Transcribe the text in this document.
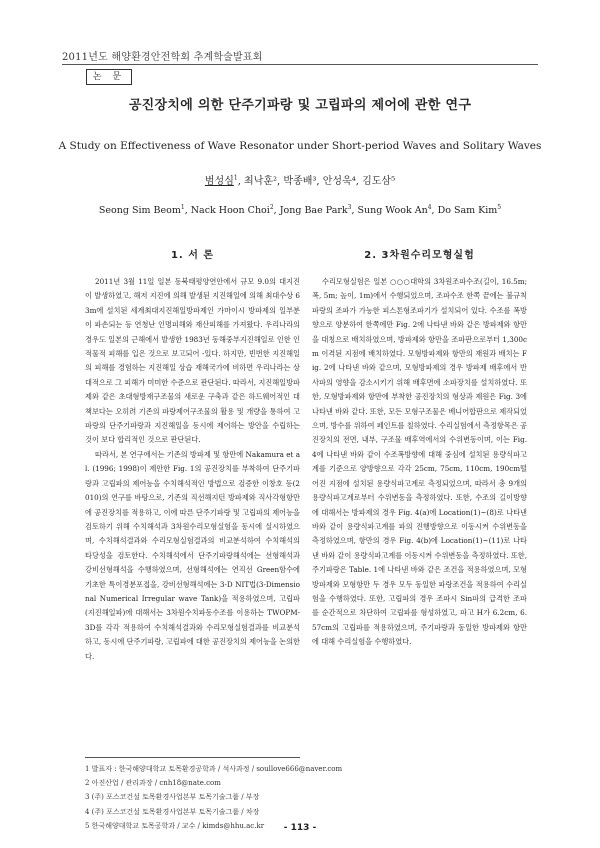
2011년도 해양환경안전학회 추계학술발표회
논 문
공진장치에 의한 단주기파랑 및 고립파의 제어에 관한 연구
A Study on Effectiveness of Wave Resonator under Short-period Waves and Solitary Waves
범성심$^1$, 최낙훈², 박종배³, 안성욱⁴, 김도삼⁵
Seong Sim Beom$^1$, Nack Hoon Choi$^2$, Jong Bae Park$^3$, Sung Wook An$^4$, Do Sam Kim$^5$
1. 서 론

2011년 3월 11일 일본 동북태평양연안에서 규모 9.0의 대지진이 발생하였고, 해저 지진에 의해 발생된 지진해일에 의해 최대수상 63m에 설치된 세계최대지진해일방파제인 가마이시 방파제의 일부분이 파손되는 등 연청난 인명피해와 재산피해를 가져왔다. 우리나라의 경우도 일본의 근해에서 발생한 1983년 동해중부지진해일로 인한 인적물적 피해를 입은 것으로 보고되어 -있다. 하지만, 빈번한 지진해일의 피해를 경험하는 지진해일 상습 재해국가에 비하면 우리나라는 상대적으로 그 피해가 미미한 수준으로 판단된다. 따라서, 지진해일방파제와 같은 초대형방재구조물의 새로운 구축과 같은 하드웨어적인 대책보다는 오히려 기존의 파랑제어구조물의 활용 및 개량을 통하여 고파랑의 단주기파랑과 지진해일을 동시에 제어하는 방안을 수립하는 것이 보다 합리적인 것으로 판단된다.

따라서, 본 연구에서는 기존의 방파제 및 항만에 Nakamura et al. (1996; 1998)이 제안한 Fig. 1의 공진장치를 부착하여 단주기파랑과 고립파의 제어능을 수치해석적인 방법으로 검증한 이창호 등(2010)의 연구를 바탕으로, 기존의 직선해지턴 방파제와 직사각형항만에 공진장치를 적용하고, 이에 따른 단주기파랑 및 고립파의 제어능을 검토하기 위해 수치해석과 3차원수리모형실험을 동시에 실시하였으며, 수치해석결과와 수리모형실험결과의 비교분석하여 수치해석의 타당성을 검토한다. 수치해석에서 단주기파랑해석에는 선형해석과 강비선형해석을 수행하였으며, 선형해석에는 연직선 Green함수에 기초한 특이경분포접을, 강비선형해석에는 3-D NIT법(3-Dimensional Numerical Irregular wave Tank)을 적용하였으며, 고립파(지진해일파)에 대해서는 3차원수치파동수조를 이용하는 TWOPM-3D를 각각 적용하여 수치해석결과와 수리모형실험결과를 비교분석하고, 동시에 단주기파랑, 고립파에 대한 공진장치의 제어능을 논의한다.

2. 3차원수리모형실험

수리모형실험은 일본 ○○○대학의 3차원조파수조(길이, 16.5m; 폭, 5m; 높이, 1m)에서 수행되었으며, 조파수조 한쪽 끝에는 불규칙파랑의 조파가 가능한 피스톤형조파기가 설치되어 있다. 수조를 폭방향으로 양분하여 한쪽에만 Fig. 2에 나타낸 바와 같은 방파제와 항만을 대칭으로 배치하였으며, 방파제와 항만을 조파판으로부터 1,300cm 이격된 지점에 배치하였다. 모형방파제와 항만의 재원과 배치는 Fig. 2에 나타낸 바와 같으며, 모형방파제의 경우 방파제 배후에서 반사파의 영향을 감소시키기 위해 배후면에 소파장치를 설치하였다. 또한, 모형방파제와 항만에 부착한 공진장치의 형상과 제원은 Fig. 3에 나타낸 바와 같다. 또한, 모든 모형구조물은 베니어합판으로 제작되었으며, 방수를 위하여 페인트를 칠하였다. 수리실험에서 측정항목은 공진장치의 전면, 내부, 구조물 배후역에서의 수위변동이며, 이는 Fig. 4에 나타낸 바와 같이 수조폭방향에 대해 중심에 설치된 용량식파고계를 기준으로 양방향으로 각각 25cm, 75cm, 110cm, 190cm떨어진 지점에 설치된 용량식파고계로 측정되었으며, 따라서 총 9개의 용량식파고계로부터 수위변동을 측정하였다. 또한, 수조의 길이방향에 대해서는 방파제의 경우 Fig. 4(a)에 Location(1)~(8)로 나타낸 바와 같이 용량식파고계를 파의 진행방향으로 이동시켜 수위변동을 측정하였으며, 항만의 경우 Fig. 4(b)에 Location(1)~(11)로 나타낸 바와 같이 용량식파고계를 이동시켜 수위변동을 측정하였다. 또한, 주기파랑은 Table. 1에 나타낸 바와 같은 조건을 적용하였으며, 모형방파제와 모형항만 두 경우 모두 동일한 파랑조건을 적용하여 수리실험을 수행하였다. 또한, 고립파의 경우 조파시 Sin파의 급격한 조파를 순간적으로 차단하여 고립파를 형성하였고, 파고 H가 6.2cm, 6.57cm의 고립파를 적용하였으며, 주기파랑과 동일한 방파제와 항만에 대해 수리실험을 수행하였다.

1 발표자 : 한국해양대학교 토목환경공학과 / 석사과정 / soullove666@naver.com
2 아진산업 / 관리과장 / cnh18@nate.com
3 (주) 포스코건설 토목환경사업본부 토목기술그룹 / 부장
4 (주) 포스코건설 토목환경사업본부 토목기술그룹 / 차장
5 한국해양대학교 토목공학과 / 교수 / kimds@hhu.ac.kr	- 113 -
